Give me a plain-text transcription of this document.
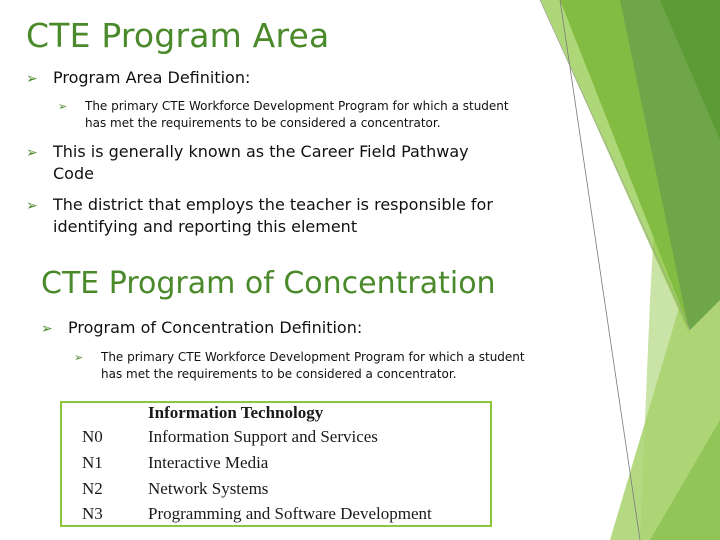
CTE Program Area
➢ Program Area Definition:
➢ The primary CTE Workforce Development Program for which a student has met the requirements to be considered a concentrator.
➢ This is generally known as the Career Field Pathway Code
➢ The district that employs the teacher is responsible for identifying and reporting this element
CTE Program of Concentration
➢ Program of Concentration Definition:
➢ The primary CTE Workforce Development Program for which a student has met the requirements to be considered a concentrator.
Information Technology
N0	Information Support and Services
N1	Interactive Media
N2	Network Systems
N3	Programming and Software Development
